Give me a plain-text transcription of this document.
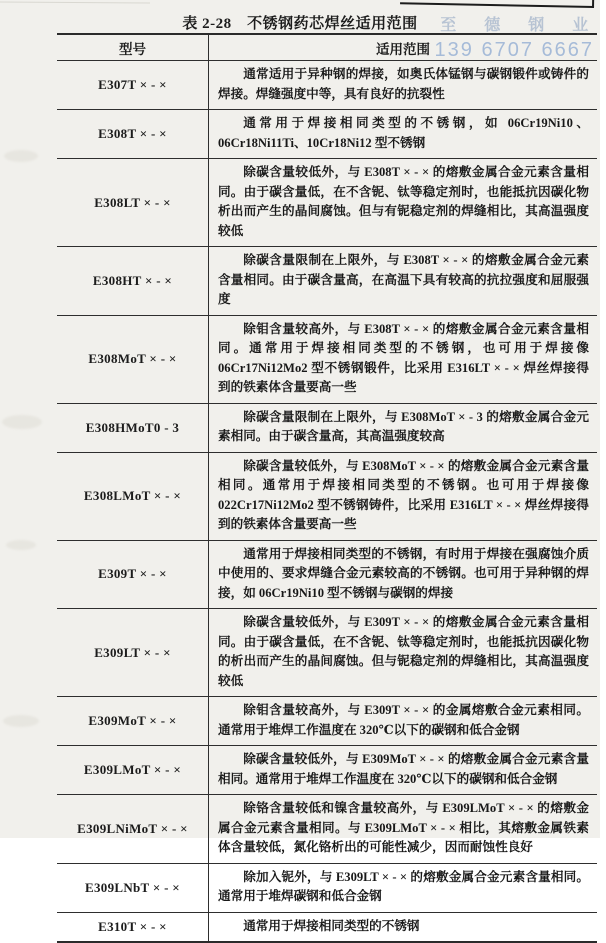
至 德 钢 业
139 6707 6667
表 2-28　不锈钢药芯焊丝适用范围
型号	适用范围
E307T × - ×	通常适用于异种钢的焊接，如奥氏体锰钢与碳钢锻件或铸件的焊接。焊缝强度中等，具有良好的抗裂性
E308T × - ×	通常用于焊接相同类型的不锈钢，如 06Cr19Ni10、06Cr18Ni11Ti、10Cr18Ni12 型不锈钢
E308LT × - ×	除碳含量较低外，与 E308T × - × 的熔敷金属合金元素含量相同。由于碳含量低，在不含铌、钛等稳定剂时，也能抵抗因碳化物析出而产生的晶间腐蚀。但与有铌稳定剂的焊缝相比，其高温强度较低
E308HT × - ×	除碳含量限制在上限外，与 E308T × - × 的熔敷金属合金元素含量相同。由于碳含量高，在高温下具有较高的抗拉强度和屈服强度
E308MoT × - ×	除钼含量较高外，与 E308T × - × 的熔敷金属合金元素含量相同。通常用于焊接相同类型的不锈钢，也可用于焊接像 06Cr17Ni12Mo2 型不锈钢锻件，比采用 E316LT × - × 焊丝焊接得到的铁素体含量要高一些
E308HMoT0 - 3	除碳含量限制在上限外，与 E308MoT × - 3 的熔敷金属合金元素相同。由于碳含量高，其高温强度较高
E308LMoT × - ×	除碳含量较低外，与 E308MoT × - × 的熔敷金属合金元素含量相同。通常用于焊接相同类型的不锈钢。也可用于焊接像 022Cr17Ni12Mo2 型不锈钢铸件，比采用 E316LT × - × 焊丝焊接得到的铁素体含量要高一些
E309T × - ×	通常用于焊接相同类型的不锈钢，有时用于焊接在强腐蚀介质中使用的、要求焊缝合金元素较高的不锈钢。也可用于异种钢的焊接，如 06Cr19Ni10 型不锈钢与碳钢的焊接
E309LT × - ×	除碳含量较低外，与 E309T × - × 的熔敷金属合金元素含量相同。由于碳含量低，在不含铌、钛等稳定剂时，也能抵抗因碳化物的析出而产生的晶间腐蚀。但与铌稳定剂的焊缝相比，其高温强度较低
E309MoT × - ×	除钼含量较高外，与 E309T × - × 的金属熔敷合金元素相同。通常用于堆焊工作温度在 320℃以下的碳钢和低合金钢
E309LMoT × - ×	除碳含量较低外，与 E309MoT × - × 的熔敷金属合金元素含量相同。通常用于堆焊工作温度在 320℃以下的碳钢和低合金钢
E309LNiMoT × - ×	除铬含量较低和镍含量较高外，与 E309LMoT × - × 的熔敷金属合金元素含量相同。与 E309LMoT × - × 相比，其熔敷金属铁素体含量较低，氮化铬析出的可能性减少，因而耐蚀性良好
E309LNbT × - ×	除加入铌外，与 E309LT × - × 的熔敷金属合金元素含量相同。通常用于堆焊碳钢和低合金钢
E310T × - ×	通常用于焊接相同类型的不锈钢
